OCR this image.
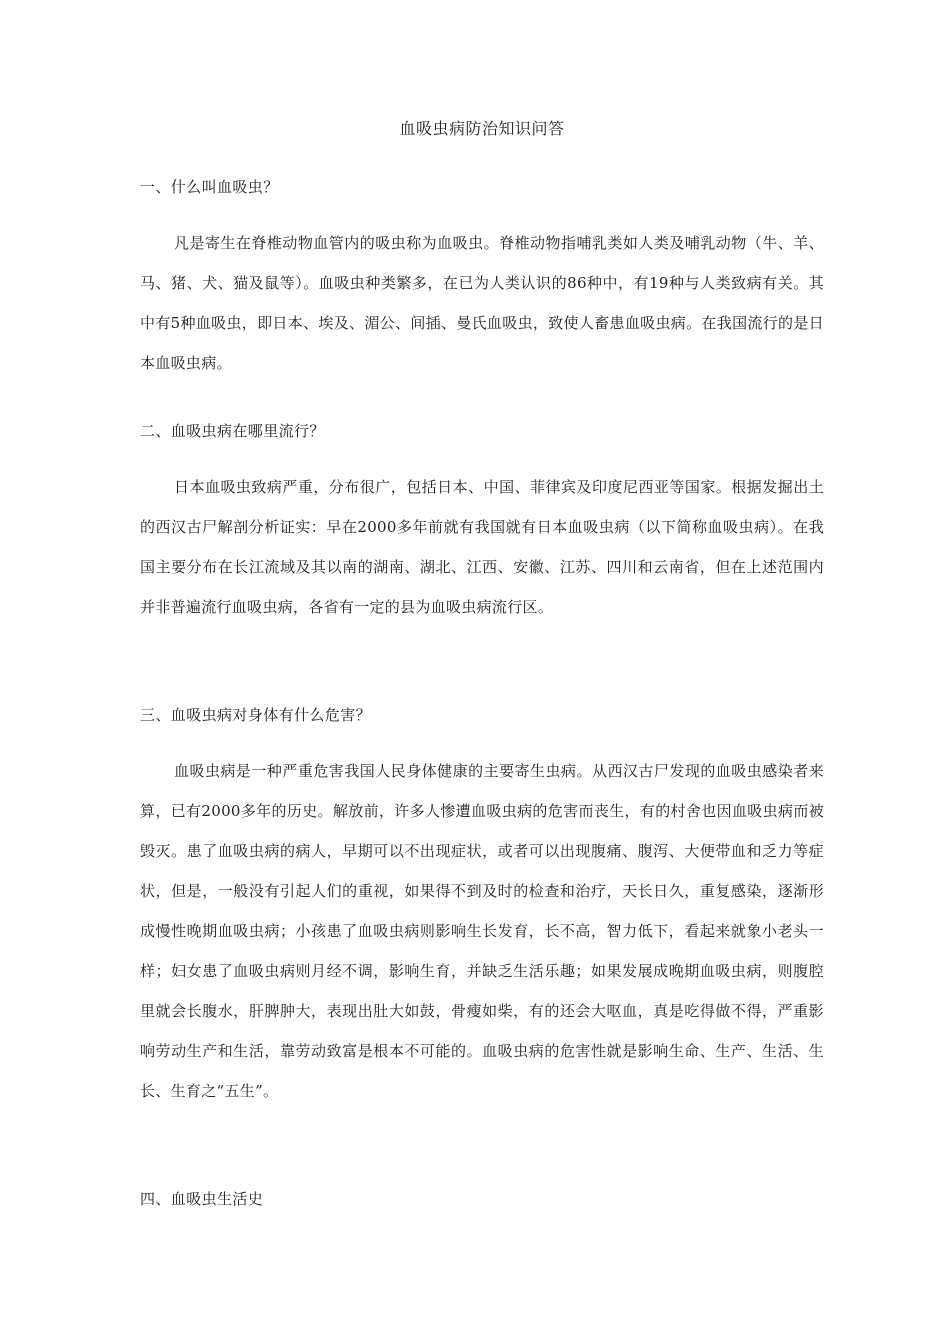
血吸虫病防治知识问答
一、什么叫血吸虫？

凡是寄生在脊椎动物血管内的吸虫称为血吸虫。脊椎动物指哺乳类如人类及哺乳动物（牛、羊、马、猪、犬、猫及鼠等）。血吸虫种类繁多，在已为人类认识的86种中，有19种与人类致病有关。其中有5种血吸虫，即日本、埃及、湄公、间插、曼氏血吸虫，致使人畜患血吸虫病。在我国流行的是日本血吸虫病。

二、血吸虫病在哪里流行？

日本血吸虫致病严重，分布很广，包括日本、中国、菲律宾及印度尼西亚等国家。根据发掘出土的西汉古尸解剖分析证实：早在2000多年前就有我国就有日本血吸虫病（以下简称血吸虫病）。在我国主要分布在长江流域及其以南的湖南、湖北、江西、安徽、江苏、四川和云南省，但在上述范围内并非普遍流行血吸虫病，各省有一定的县为血吸虫病流行区。

三、血吸虫病对身体有什么危害？

血吸虫病是一种严重危害我国人民身体健康的主要寄生虫病。从西汉古尸发现的血吸虫感染者来算，已有2000多年的历史。解放前，许多人惨遭血吸虫病的危害而丧生，有的村舍也因血吸虫病而被毁灭。患了血吸虫病的病人，早期可以不出现症状，或者可以出现腹痛、腹泻、大便带血和乏力等症状，但是，一般没有引起人们的重视，如果得不到及时的检查和治疗，天长日久，重复感染，逐渐形成慢性晚期血吸虫病；小孩患了血吸虫病则影响生长发育，长不高，智力低下，看起来就象小老头一样；妇女患了血吸虫病则月经不调，影响生育，并缺乏生活乐趣；如果发展成晚期血吸虫病，则腹腔里就会长腹水，肝脾肿大，表现出肚大如鼓，骨瘦如柴，有的还会大呕血，真是吃得做不得，严重影响劳动生产和生活，靠劳动致富是根本不可能的。血吸虫病的危害性就是影响生命、生产、生活、生长、生育之“五生”。

四、血吸虫生活史
